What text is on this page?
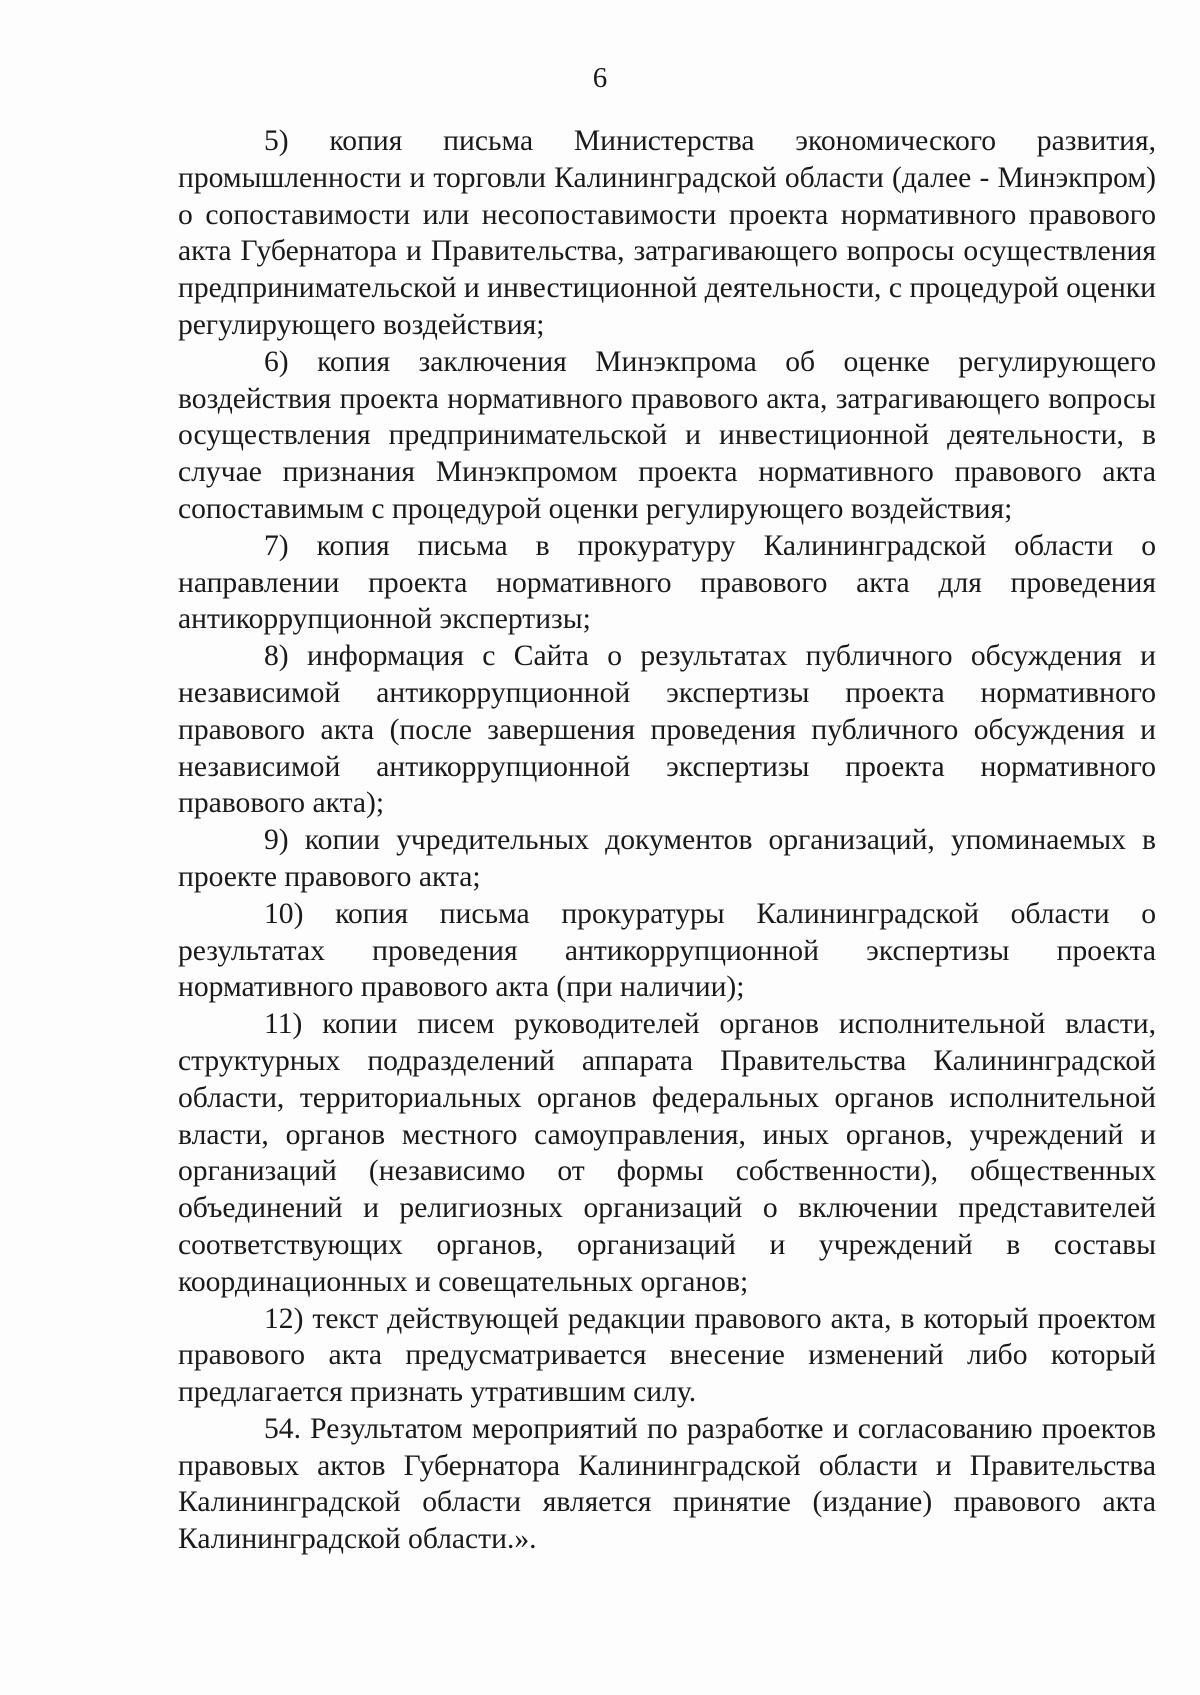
6

5) копия письма Министерства экономического развития, промышленности и торговли Калининградской области (далее - Минэкпром) о сопоставимости или несопоставимости проекта нормативного правового акта Губернатора и Правительства, затрагивающего вопросы осуществления предпринимательской и инвестиционной деятельности, с процедурой оценки регулирующего воздействия;

6) копия заключения Минэкпрома об оценке регулирующего воздействия проекта нормативного правового акта, затрагивающего вопросы осуществления предпринимательской и инвестиционной деятельности, в случае признания Минэкпромом проекта нормативного правового акта сопоставимым с процедурой оценки регулирующего воздействия;

7) копия письма в прокуратуру Калининградской области о направлении проекта нормативного правового акта для проведения антикоррупционной экспертизы;

8) информация с Сайта о результатах публичного обсуждения и независимой антикоррупционной экспертизы проекта нормативного правового акта (после завершения проведения публичного обсуждения и независимой антикоррупционной экспертизы проекта нормативного правового акта);

9) копии учредительных документов организаций, упоминаемых в проекте правового акта;

10) копия письма прокуратуры Калининградской области о результатах проведения антикоррупционной экспертизы проекта нормативного правового акта (при наличии);

11) копии писем руководителей органов исполнительной власти, структурных подразделений аппарата Правительства Калининградской области, территориальных органов федеральных органов исполнительной власти, органов местного самоуправления, иных органов, учреждений и организаций (независимо от формы собственности), общественных объединений и религиозных организаций о включении представителей соответствующих органов, организаций и учреждений в составы координационных и совещательных органов;

12) текст действующей редакции правового акта, в который проектом правового акта предусматривается внесение изменений либо который предлагается признать утратившим силу.

54. Результатом мероприятий по разработке и согласованию проектов правовых актов Губернатора Калининградской области и Правительства Калининградской области является принятие (издание) правового акта Калининградской области.».
